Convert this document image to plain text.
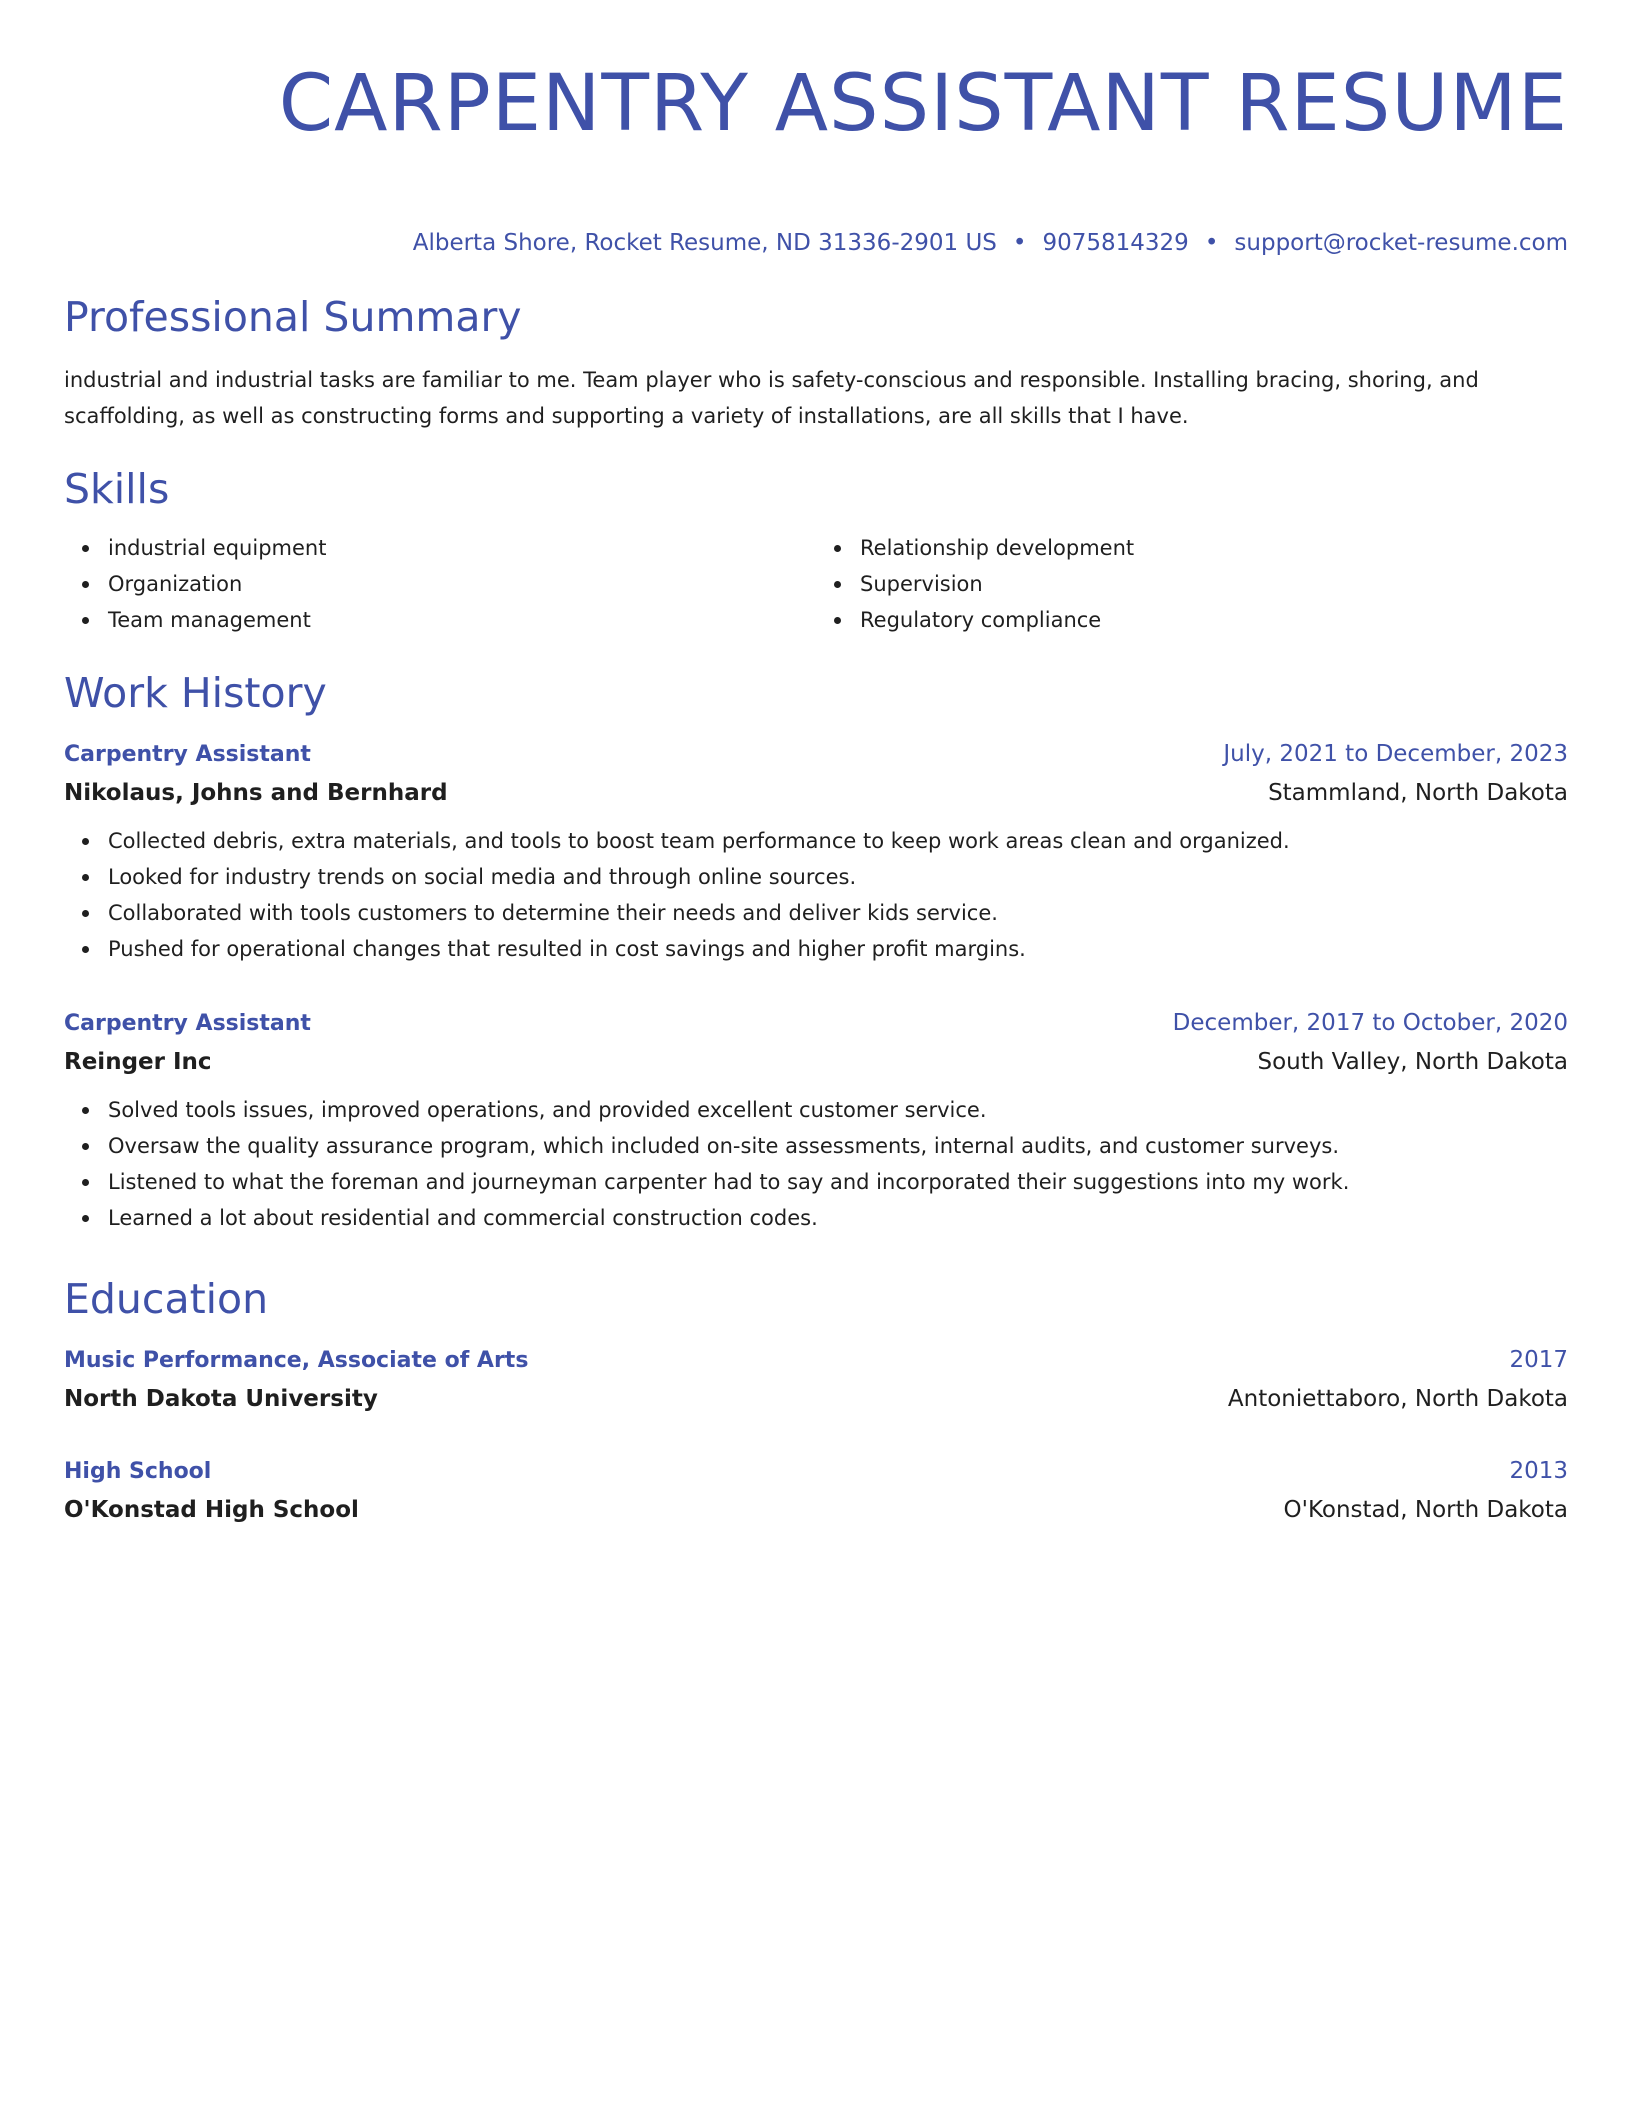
CARPENTRY ASSISTANT RESUME
Alberta Shore, Rocket Resume, ND 31336-2901 US • 9075814329 • support@rocket-resume.com
Professional Summary

industrial and industrial tasks are familiar to me. Team player who is safety-conscious and responsible. Installing bracing, shoring, and scaffolding, as well as constructing forms and supporting a variety of installations, are all skills that I have.

Skills
industrial equipment
Organization
Team management
Relationship development
Supervision
Regulatory compliance
Work History
Carpentry Assistant	July, 2021 to December, 2023
Nikolaus, Johns and Bernhard	Stammland, North Dakota
Collected debris, extra materials, and tools to boost team performance to keep work areas clean and organized.
Looked for industry trends on social media and through online sources.
Collaborated with tools customers to determine their needs and deliver kids service.
Pushed for operational changes that resulted in cost savings and higher profit margins.
Carpentry Assistant	December, 2017 to October, 2020
Reinger Inc	South Valley, North Dakota
Solved tools issues, improved operations, and provided excellent customer service.
Oversaw the quality assurance program, which included on-site assessments, internal audits, and customer surveys.
Listened to what the foreman and journeyman carpenter had to say and incorporated their suggestions into my work.
Learned a lot about residential and commercial construction codes.
Education
Music Performance, Associate of Arts	2017
North Dakota University	Antoniettaboro, North Dakota
High School	2013
O'Konstad High School	O'Konstad, North Dakota
